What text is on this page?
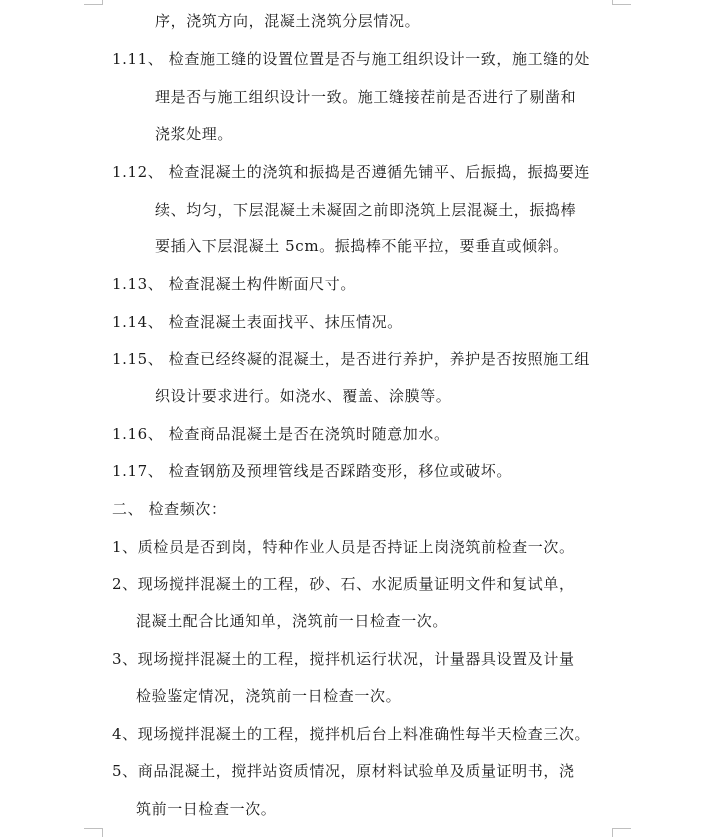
序，浇筑方向，混凝土浇筑分层情况。
1.11、 检查施工缝的设置位置是否与施工组织设计一致，施工缝的处
理是否与施工组织设计一致。施工缝接茬前是否进行了剔凿和
浇浆处理。
1.12、 检查混凝土的浇筑和振捣是否遵循先铺平、后振捣，振捣要连
续、均匀，下层混凝土未凝固之前即浇筑上层混凝土，振捣棒
要插入下层混凝土 5cm。振捣棒不能平拉，要垂直或倾斜。
1.13、 检查混凝土构件断面尺寸。
1.14、 检查混凝土表面找平、抹压情况。
1.15、 检查已经终凝的混凝土，是否进行养护，养护是否按照施工组
织设计要求进行。如浇水、覆盖、涂膜等。
1.16、 检查商品混凝土是否在浇筑时随意加水。
1.17、 检查钢筋及预埋管线是否踩踏变形，移位或破坏。
二、 检查频次：
1、质检员是否到岗，特种作业人员是否持证上岗浇筑前检查一次。
2、现场搅拌混凝土的工程，砂、石、水泥质量证明文件和复试单，
混凝土配合比通知单，浇筑前一日检查一次。
3、现场搅拌混凝土的工程，搅拌机运行状况，计量器具设置及计量
检验鉴定情况，浇筑前一日检查一次。
4、现场搅拌混凝土的工程，搅拌机后台上料准确性每半天检查三次。
5、商品混凝土，搅拌站资质情况，原材料试验单及质量证明书，浇
筑前一日检查一次。
